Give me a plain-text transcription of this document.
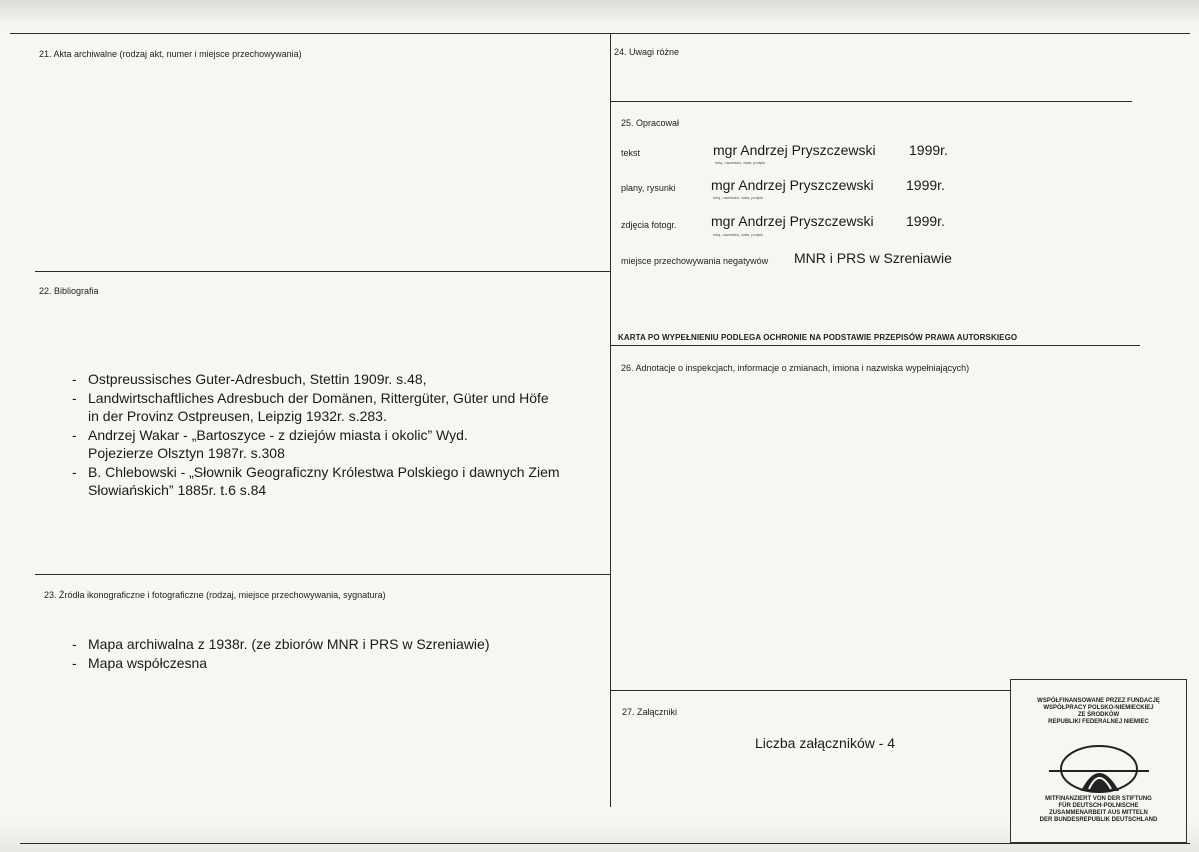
21. Akta archiwalne (rodzaj akt, numer i miejsce przechowywania)
22. Bibliografia
- Ostpreussisches Guter-Adresbuch, Stettin 1909r. s.48,
- Landwirtschaftliches Adresbuch der Domänen, Rittergüter, Güter und Höfe in der Provinz Ostpreusen, Leipzig 1932r. s.283.
- Andrzej Wakar - „Bartoszyce - z dziejów miasta i okolic” Wyd. Pojezierze Olsztyn 1987r. s.308
- B. Chlebowski - „Słownik Geograficzny Królestwa Polskiego i dawnych Ziem Słowiańskich” 1885r. t.6 s.84
23. Źródła ikonograficzne i fotograficzne (rodzaj, miejsce przechowywania, sygnatura)
- Mapa archiwalna z 1938r. (ze zbiorów MNR i PRS w Szreniawie)
- Mapa współczesna
24. Uwagi różne
25. Opracował
tekst	mgr Andrzej Pryszczewski 1999r.
imię, nazwisko, data, podpis
plany, rysunki	mgr Andrzej Pryszczewski 1999r.
imię, nazwisko, data, podpis
zdjęcia fotogr. mgr Andrzej Pryszczewski 1999r.
imię, nazwisko, data, podpis
miejsce przechowywania negatywów MNR i PRS w Szreniawie
KARTA PO WYPEŁNIENIU PODLEGA OCHRONIE NA PODSTAWIE PRZEPISÓW PRAWA AUTORSKIEGO
26. Adnotacje o inspekcjach, informacje o zmianach, imiona i nazwiska wypełniających)
27. Załączniki
Liczba załączników - 4
WSPÓŁFINANSOWANE PRZEZ FUNDACJĘ
WSPÓŁPRACY POLSKO-NIEMIECKIEJ
ZE ŚRODKÓW
REPUBLIKI FEDERALNEJ NIEMIEC
MITFINANZIERT VON DER STIFTUNG
FÜR DEUTSCH-POLNISCHE
ZUSAMMENARBEIT AUS MITTELN
DER BUNDESREPUBLIK DEUTSCHLAND
